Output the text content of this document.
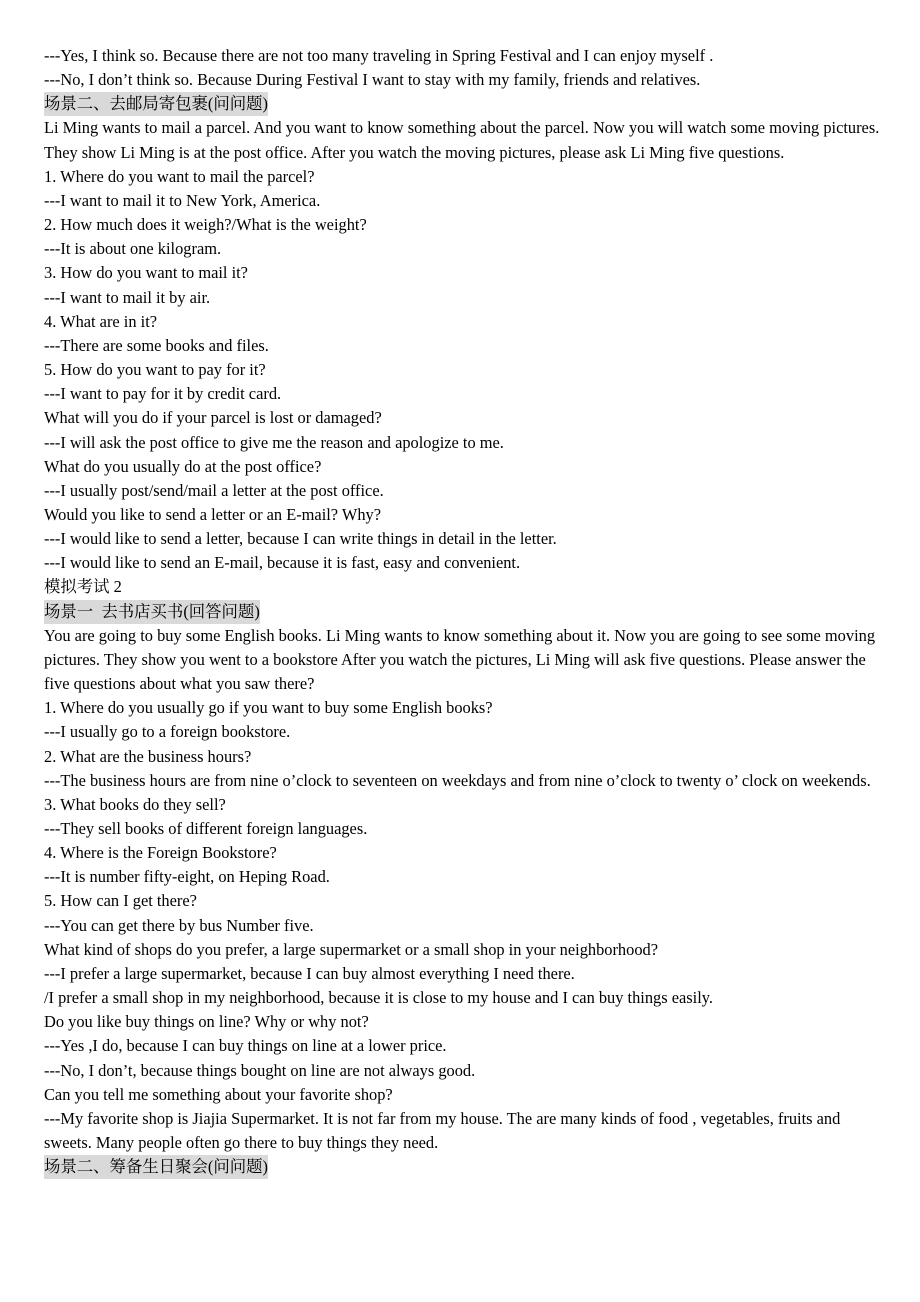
---Yes, I think so. Because there are not too many traveling in Spring Festival and I can enjoy myself .
---No, I don’t think so. Because During Festival I want to stay with my family, friends and relatives.
场景二、去邮局寄包裹(问问题)
Li Ming wants to mail a parcel. And you want to know something about the parcel. Now you will watch some moving pictures. They show Li Ming is at the post office. After you watch the moving pictures, please ask Li Ming five questions.
1. Where do you want to mail the parcel?
---I want to mail it to New York, America.
2. How much does it weigh?/What is the weight?
---It is about one kilogram.
3. How do you want to mail it?
---I want to mail it by air.
4. What are in it?
---There are some books and files.
5. How do you want to pay for it?
---I want to pay for it by credit card.
What will you do if your parcel is lost or damaged?
---I will ask the post office to give me the reason and apologize to me.
What do you usually do at the post office?
---I usually post/send/mail a letter at the post office.
Would you like to send a letter or an E-mail? Why?
---I would like to send a letter, because I can write things in detail in the letter.
---I would like to send an E-mail, because it is fast, easy and convenient.
模拟考试 2
场景一  去书店买书(回答问题)
You are going to buy some English books. Li Ming wants to know something about it. Now you are going to see some moving pictures. They show you went to a bookstore After you watch the pictures, Li Ming will ask five questions. Please answer the five questions about what you saw there?
1. Where do you usually go if you want to buy some English books?
---I usually go to a foreign bookstore.
2. What are the business hours?
---The business hours are from nine o’clock to seventeen on weekdays and from nine o’clock to twenty o’ clock on weekends.
3. What books do they sell?
---They sell books of different foreign languages.
4. Where is the Foreign Bookstore?
---It is number fifty-eight, on Heping Road.
5. How can I get there?
---You can get there by bus Number five.
What kind of shops do you prefer, a large supermarket or a small shop in your neighborhood?
---I prefer a large supermarket, because I can buy almost everything I need there.
/I prefer a small shop in my neighborhood, because it is close to my house and I can buy things easily.
Do you like buy things on line? Why or why not?
---Yes ,I do, because I can buy things on line at a lower price.
---No, I don’t, because things bought on line are not always good.
Can you tell me something about your favorite shop?
---My favorite shop is Jiajia Supermarket. It is not far from my house. The are many kinds of food , vegetables, fruits and sweets. Many people often go there to buy things they need.
场景二、筹备生日聚会(问问题)
